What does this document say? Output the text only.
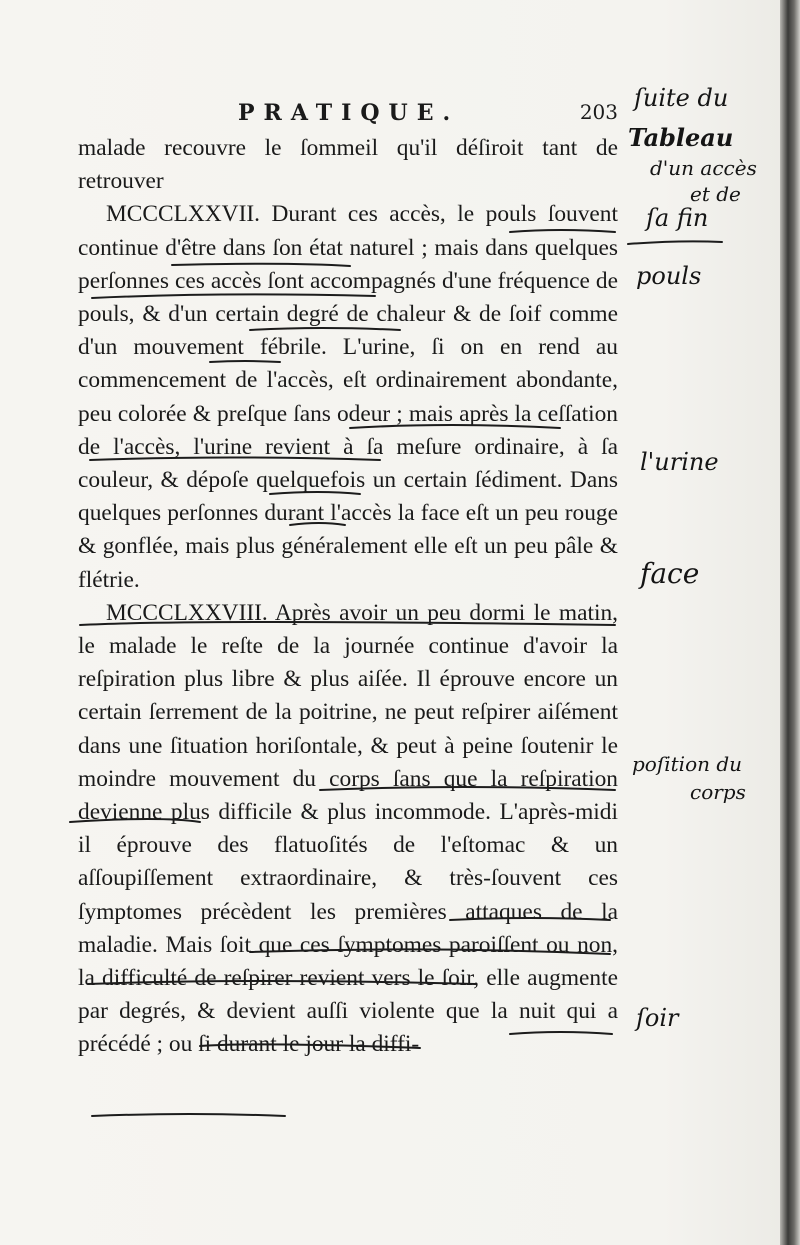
PRATIQUE.	203

malade recouvre le ſommeil qu'il déſiroit tant de retrouver

MCCCLXXVII. Durant ces accès, le pouls ſouvent continue d'être dans ſon état naturel ; mais dans quelques perſonnes ces accès ſont accompagnés d'une fréquence de pouls, & d'un certain degré de chaleur & de ſoif comme d'un mouvement fébrile. L'urine, ſi on en rend au commencement de l'accès, eſt ordinairement abondante, peu colorée & preſque ſans odeur ; mais après la ceſſation de l'accès, l'urine revient à ſa meſure ordinaire, à ſa couleur, & dépoſe quelquefois un certain ſédiment. Dans quelques perſonnes durant l'accès la face eſt un peu rouge & gonflée, mais plus généralement elle eſt un peu pâle & flétrie.

MCCCLXXVIII. Après avoir un peu dormi le matin, le malade le reſte de la journée continue d'avoir la reſpiration plus libre & plus aiſée. Il éprouve encore un certain ſerrement de la poitrine, ne peut reſpirer aiſément dans une ſituation horiſontale, & peut à peine ſoutenir le moindre mouvement du corps ſans que la reſpiration devienne plus difficile & plus incommode. L'après-midi il éprouve des flatuoſités de l'eſtomac & un aſſoupiſſement extraordinaire, & très-ſouvent ces ſymptomes précèdent les premières attaques de la maladie. Mais ſoit que ces ſymptomes paroiſſent ou non, la difficulté de reſpirer revient vers le ſoir, elle augmente par degrés, & devient auſſi violente que la nuit qui a précédé ; ou ſi durant le jour la diffi-

ſuite du
Tableau
d'un accès
et de
ſa fin
pouls
l'urine
face
poſition du
corps
ſoir
